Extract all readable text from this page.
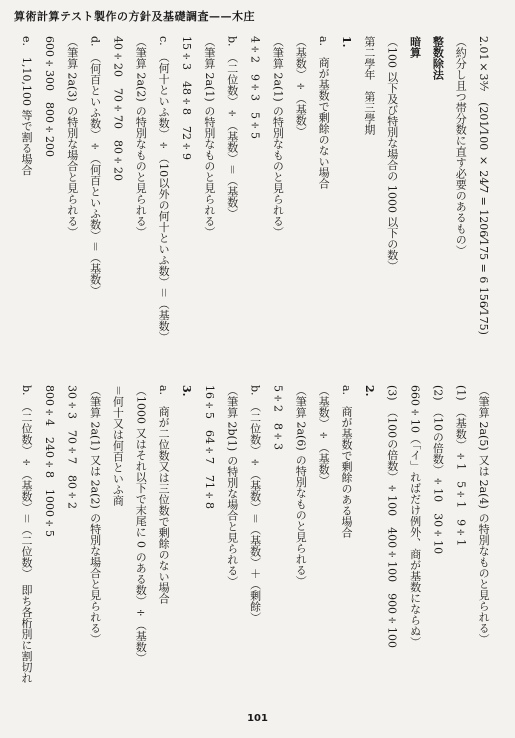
算術計算テスト製作の方針及基礎調査——木庄
2.01×3³⁄₇　(201⁄100 × 24⁄7 = 1206⁄175 = 6 156⁄175)
（約分し且つ帯分数に直す必要のあるもの）
整数除法
暗算
（100 以下及び特別な場合の 1000 以下の数）
第二學年　第三學期
1.
a.　商が基数で剰餘のない場合
（基数）÷（基数）
（筆算 2a(1) の特別なものと見られる）
4÷2　9÷3　5÷5
b.　（二位数）÷（基数）＝（基数）
（筆算 2a(1) の特別なものと見られる）
15÷3　48÷8　72÷9
c.　（何十といふ数）÷（10以外の何十といふ数）＝（基数）
（筆算 2a(2) の特別なものと見られる）
40÷20　70÷70　80÷20
d.　（何百といふ数）÷（何百といふ数）＝（基数）
（筆算 2a(3) の特別な場合と見られる）
600÷300　800÷200
e.　1,10,100 等で割る場合
（筆算 2a(5) 又は 2a(4) の特別なものと見られる）
(1)　（基数）÷1　5÷1　9÷1
(2)　（10の倍数）÷10　30÷10
660÷10（「イ」ればだけ例外、商が基数にならぬ）
(3)　（100の倍数）÷100　400÷100　900÷100
2.
a.　商が基数で剰餘のある場合
（基数）÷（基数）
（筆算 2a(6) の特別なものと見られる）
5÷2　8÷3
b.　（二位数）÷（基数）＝（基数）＋（剰餘）
（筆算 2b(1) の特別な場合と見られる）
16÷5　64÷7　71÷8
3.
a.　商が二位数又は三位数で剰餘のない場合
（1000 又はそれ以下で末尾に 0 のある数）÷（基数）
＝何十又は何百といふ商
（筆算 2a(1) 又は 2a(2) の特別な場合と見られる）
30÷3　70÷7　80÷2
800÷4　240÷8　1000÷5
b.　（二位数）÷（基数）＝（二位数）　即ち各桁別に割切れ
101
